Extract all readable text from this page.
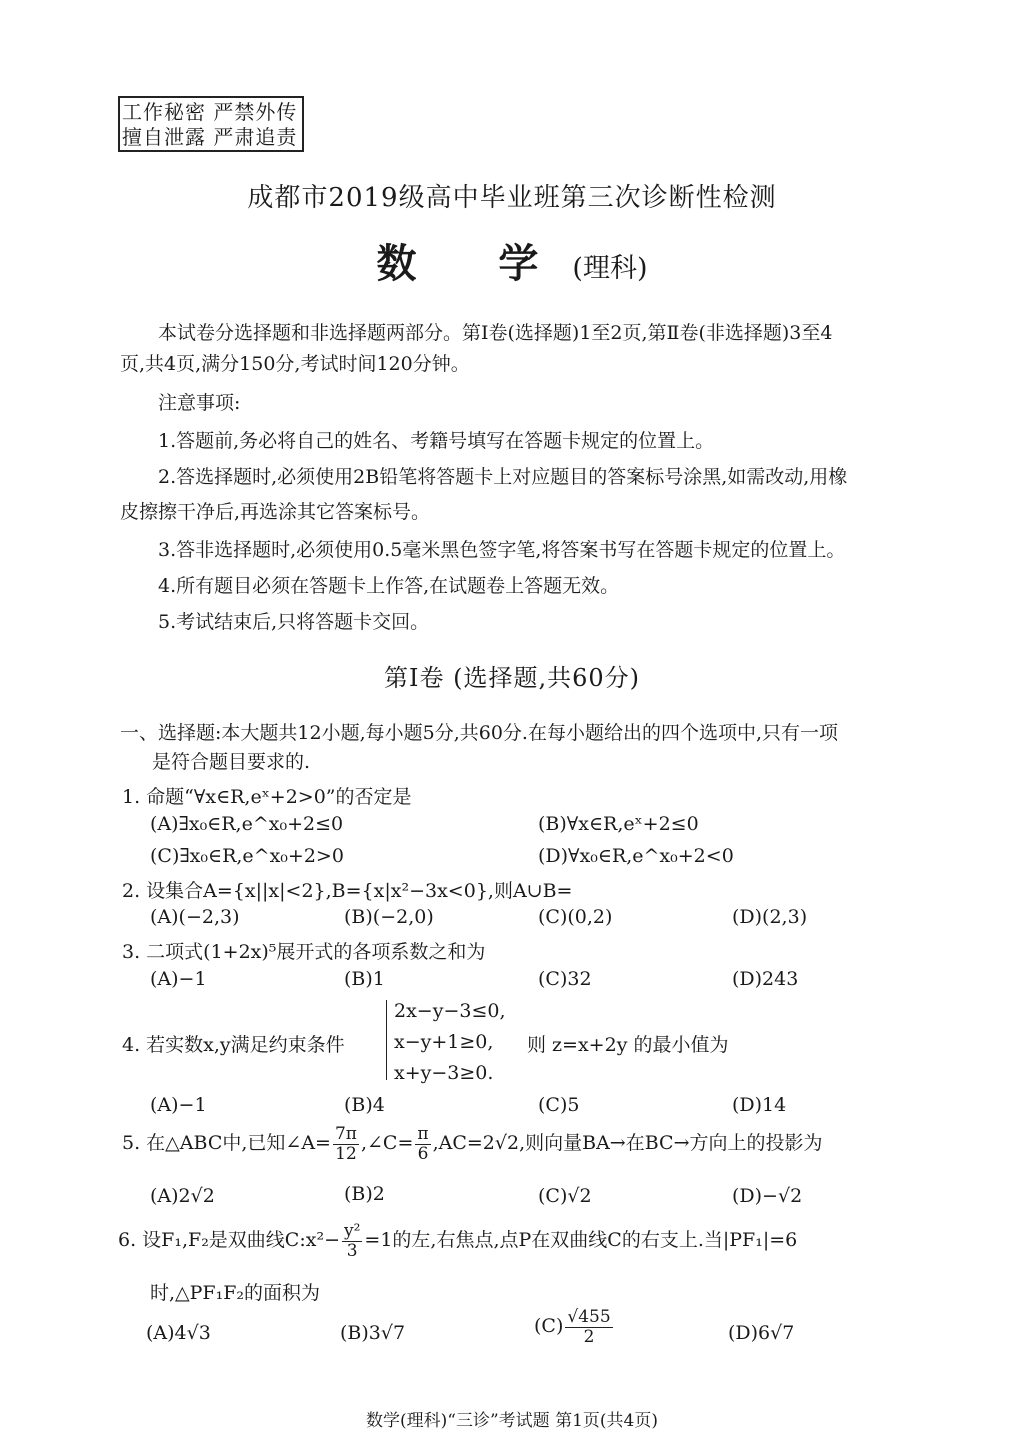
工作秘密 严禁外传
擅自泄露 严肃追责
成都市2019级高中毕业班第三次诊断性检测
数 学(理科)
本试卷分选择题和非选择题两部分。第Ⅰ卷(选择题)1至2页,第Ⅱ卷(非选择题)3至4
页,共4页,满分150分,考试时间120分钟。
注意事项:
1.答题前,务必将自己的姓名、考籍号填写在答题卡规定的位置上。
2.答选择题时,必须使用2B铅笔将答题卡上对应题目的答案标号涂黑,如需改动,用橡
皮擦擦干净后,再选涂其它答案标号。
3.答非选择题时,必须使用0.5毫米黑色签字笔,将答案书写在答题卡规定的位置上。
4.所有题目必须在答题卡上作答,在试题卷上答题无效。
5.考试结束后,只将答题卡交回。
第Ⅰ卷 (选择题,共60分)
一、选择题:本大题共12小题,每小题5分,共60分.在每小题给出的四个选项中,只有一项
是符合题目要求的.
1. 命题“∀x∈R,eˣ+2>0”的否定是
(A)∃x₀∈R,e^x₀+2≤0	(B)∀x∈R,eˣ+2≤0
(C)∃x₀∈R,e^x₀+2>0	(D)∀x₀∈R,e^x₀+2<0
2. 设集合A={x||x|<2},B={x|x²−3x<0},则A∪B=
(A)(−2,3)	(B)(−2,0)	(C)(0,2)	(D)(2,3)
3. 二项式(1+2x)⁵展开式的各项系数之和为
(A)−1	(B)1	(C)32	(D)243
4. 若实数x,y满足约束条件
2x−y−3≤0,
x−y+1≥0,
x+y−3≥0.
则 z=x+2y 的最小值为
(A)−1	(B)4	(C)5	(D)14
5. 在△ABC中,已知∠A= $\frac{7\pi}{12}$ ,∠C= $\frac{\pi}{6} ,AC=2√2$,则向量BA→在BC→方向上的投影为
(A)2√2	(B)2	(C)√2	(D)−√2
6. 设F₁,F₂是双曲线C:x²− $\frac{\text{y²}}{3} =1$的左,右焦点,点P在双曲线C的右支上.当|PF₁|=6
时,△PF₁F₂的面积为
(A)4√3	(B)3√7	$(C) \frac{√455}{2}$	(D)6√7
数学(理科)“三诊”考试题 第1页(共4页)
